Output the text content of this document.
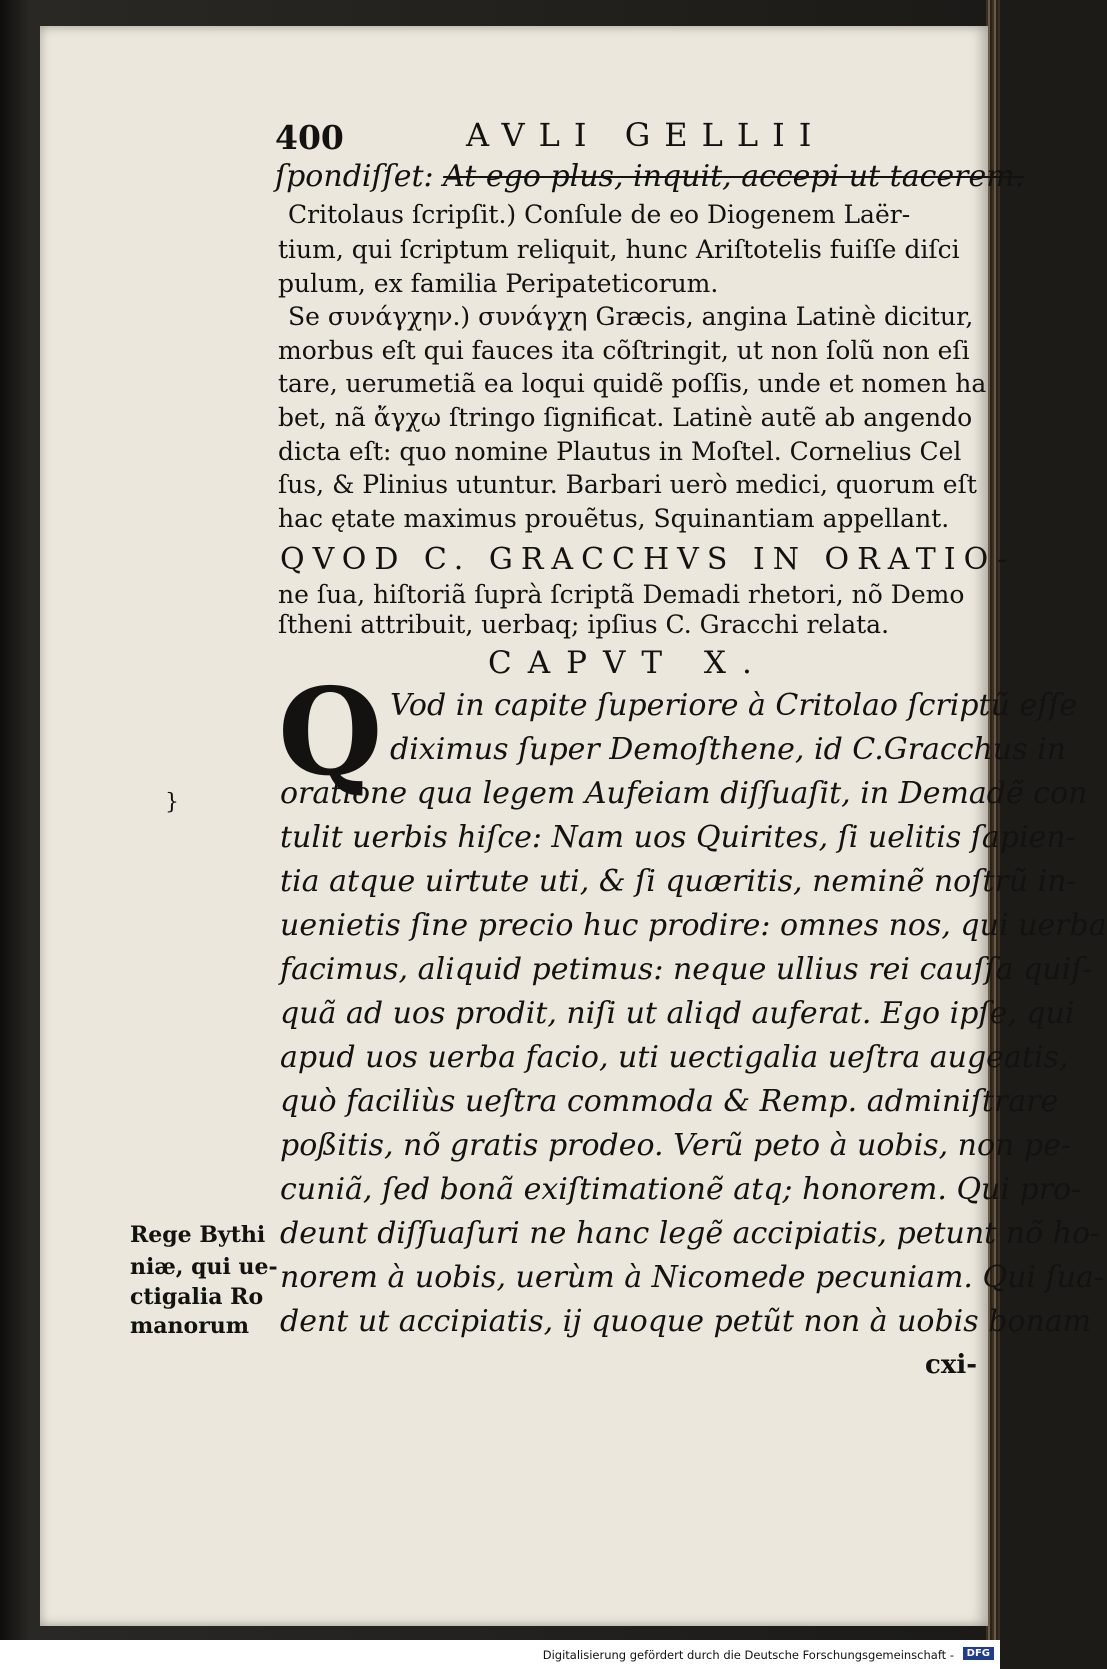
400	AVLI GELLII
ſpondiſſet: At ego plus, inquit, accepi ut tacerem.
Critolaus ſcripſit.) Conſule de eo Diogenem Laër-
tium, qui ſcriptum reliquit, hunc Ariſtotelis fuiſſe diſci
pulum, ex familia Peripateticorum.
Se συνάγχην.) συνάγχη Græcis, angina Latinè dicitur,
morbus eſt qui fauces ita cõſtringit, ut non ſolũ non eſi
tare, uerumetiã ea loqui quidẽ poſſis, unde et nomen ha
bet, nã ἄγχω ſtringo ſignificat. Latinè autẽ ab angendo
dicta eſt: quo nomine Plautus in Moſtel. Cornelius Cel
ſus, & Plinius utuntur. Barbari uerò medici, quorum eſt
hac ętate maximus prouẽtus, Squinantiam appellant.
QVOD C. GRACCHVS IN ORATIO-
ne ſua, hiſtoriã ſuprà ſcriptã Demadi rhetori, nõ Demo
ſtheni attribuit, uerbaq; ipſius C. Gracchi relata.
CAPVT X.
Q Vod in capite ſuperiore à Critolao ſcriptũ eſſe
diximus ſuper Demoſthene, id C.Gracchus in
oratione qua legem Aufeiam diſſuaſit, in Demadẽ con
tulit uerbis hiſce: Nam uos Quirites, ſi uelitis ſapien-
tia atque uirtute uti, & ſi quæritis, neminẽ noſtrũ in-
uenietis ſine precio huc prodire: omnes nos, qui uerba
facimus, aliquid petimus: neque ullius rei cauſſa quiſ-
quã ad uos prodit, niſi ut aliqd auferat. Ego ipſe, qui
apud uos uerba facio, uti uectigalia ueſtra augeatis,
quò faciliùs ueſtra commoda & Remp. adminiſtrare
poßitis, nõ gratis prodeo. Verũ peto à uobis, non pe-
cuniã, ſed bonã exiſtimationẽ atq; honorem. Qui pro-
deunt diſſuaſuri ne hanc legẽ accipiatis, petunt nõ ho-
norem à uobis, uerùm à Nicomede pecuniam. Qui ſua-
dent ut accipiatis, ij quoque petũt non à uobis bonam
Rege Bythi
niæ, qui ue-
ctigalia Ro
manorum
}
cxi-
Digitalisierung gefördert durch die Deutsche Forschungsgemeinschaft -	DFG
